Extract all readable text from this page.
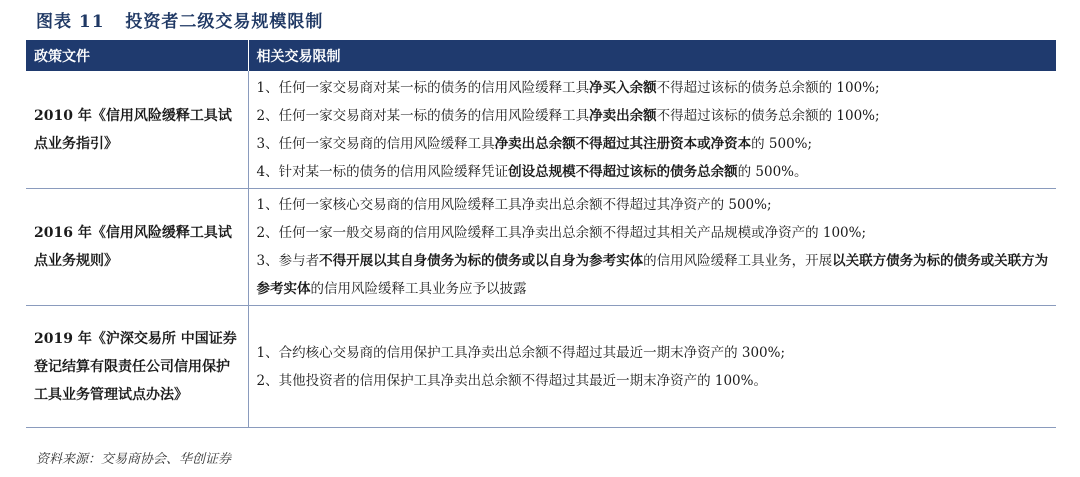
图表 11 投资者二级交易规模限制
政策文件	相关交易限制
2010 年《信用风险缓释工具试点业务指引》	1、任何一家交易商对某一标的债务的信用风险缓释工具净买入余额不得超过该标的债务总余额的 100%;
2、任何一家交易商对某一标的债务的信用风险缓释工具净卖出余额不得超过该标的债务总余额的 100%;
3、任何一家交易商的信用风险缓释工具净卖出总余额不得超过其注册资本或净资本的 500%;
4、针对某一标的债务的信用风险缓释凭证创设总规模不得超过该标的债务总余额的 500%。

2016 年《信用风险缓释工具试点业务规则》	1、任何一家核心交易商的信用风险缓释工具净卖出总余额不得超过其净资产的 500%;
2、任何一家一般交易商的信用风险缓释工具净卖出总余额不得超过其相关产品规模或净资产的 100%;
3、参与者不得开展以其自身债务为标的债务或以自身为参考实体的信用风险缓释工具业务，开展以关联方债务为标的债务或关联方为参考实体的信用风险缓释工具业务应予以披露

2019 年《沪深交易所 中国证券登记结算有限责任公司信用保护工具业务管理试点办法》	1、合约核心交易商的信用保护工具净卖出总余额不得超过其最近一期末净资产的 300%;
2、其他投资者的信用保护工具净卖出总余额不得超过其最近一期末净资产的 100%。
资料来源：交易商协会、华创证券
